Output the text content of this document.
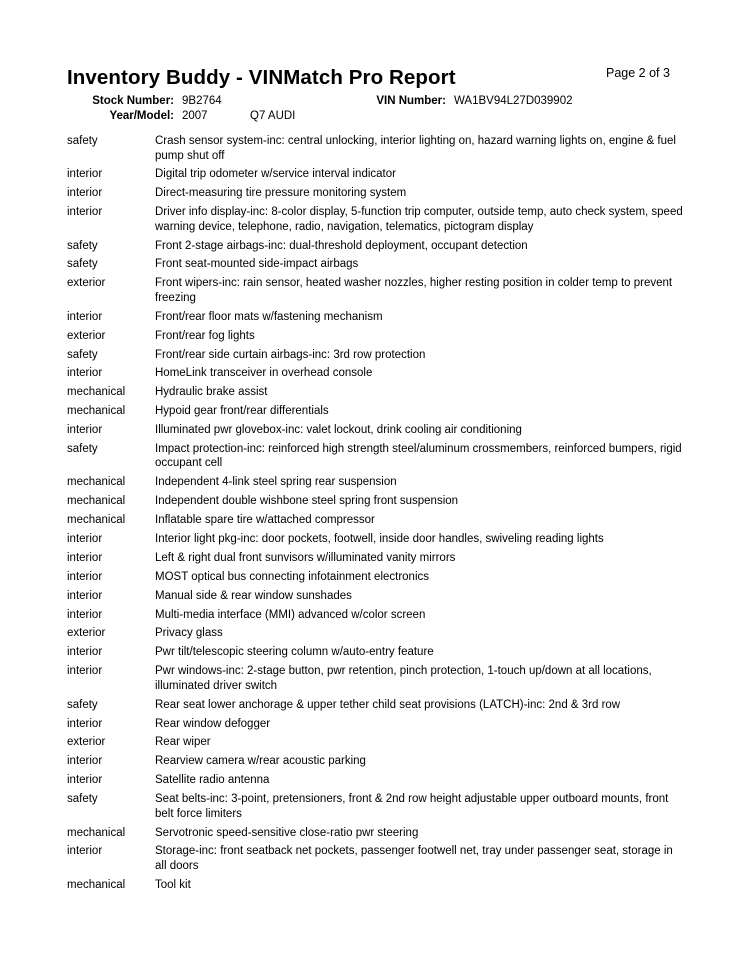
Inventory Buddy - VINMatch Pro Report	Page 2 of 3
Stock Number: 9B2764	VIN Number: WA1BV94L27D039902
Year/Model: 2007	Q7 AUDI
safety	Crash sensor system-inc: central unlocking, interior lighting on, hazard warning lights on, engine & fuel pump shut off
interior	Digital trip odometer w/service interval indicator
interior	Direct-measuring tire pressure monitoring system
interior	Driver info display-inc: 8-color display, 5-function trip computer, outside temp, auto check system, speed warning device, telephone, radio, navigation, telematics, pictogram display
safety	Front 2-stage airbags-inc: dual-threshold deployment, occupant detection
safety	Front seat-mounted side-impact airbags
exterior	Front wipers-inc: rain sensor, heated washer nozzles, higher resting position in colder temp to prevent freezing
interior	Front/rear floor mats w/fastening mechanism
exterior	Front/rear fog lights
safety	Front/rear side curtain airbags-inc: 3rd row protection
interior	HomeLink transceiver in overhead console
mechanical	Hydraulic brake assist
mechanical	Hypoid gear front/rear differentials
interior	Illuminated pwr glovebox-inc: valet lockout, drink cooling air conditioning
safety	Impact protection-inc: reinforced high strength steel/aluminum crossmembers, reinforced bumpers, rigid occupant cell
mechanical	Independent 4-link steel spring rear suspension
mechanical	Independent double wishbone steel spring front suspension
mechanical	Inflatable spare tire w/attached compressor
interior	Interior light pkg-inc: door pockets, footwell, inside door handles, swiveling reading lights
interior	Left & right dual front sunvisors w/illuminated vanity mirrors
interior	MOST optical bus connecting infotainment electronics
interior	Manual side & rear window sunshades
interior	Multi-media interface (MMI) advanced w/color screen
exterior	Privacy glass
interior	Pwr tilt/telescopic steering column w/auto-entry feature
interior	Pwr windows-inc: 2-stage button, pwr retention, pinch protection, 1-touch up/down at all locations, illuminated driver switch
safety	Rear seat lower anchorage & upper tether child seat provisions (LATCH)-inc: 2nd & 3rd row
interior	Rear window defogger
exterior	Rear wiper
interior	Rearview camera w/rear acoustic parking
interior	Satellite radio antenna
safety	Seat belts-inc: 3-point, pretensioners, front & 2nd row height adjustable upper outboard mounts, front belt force limiters
mechanical	Servotronic speed-sensitive close-ratio pwr steering
interior	Storage-inc: front seatback net pockets, passenger footwell net, tray under passenger seat, storage in all doors
mechanical	Tool kit
